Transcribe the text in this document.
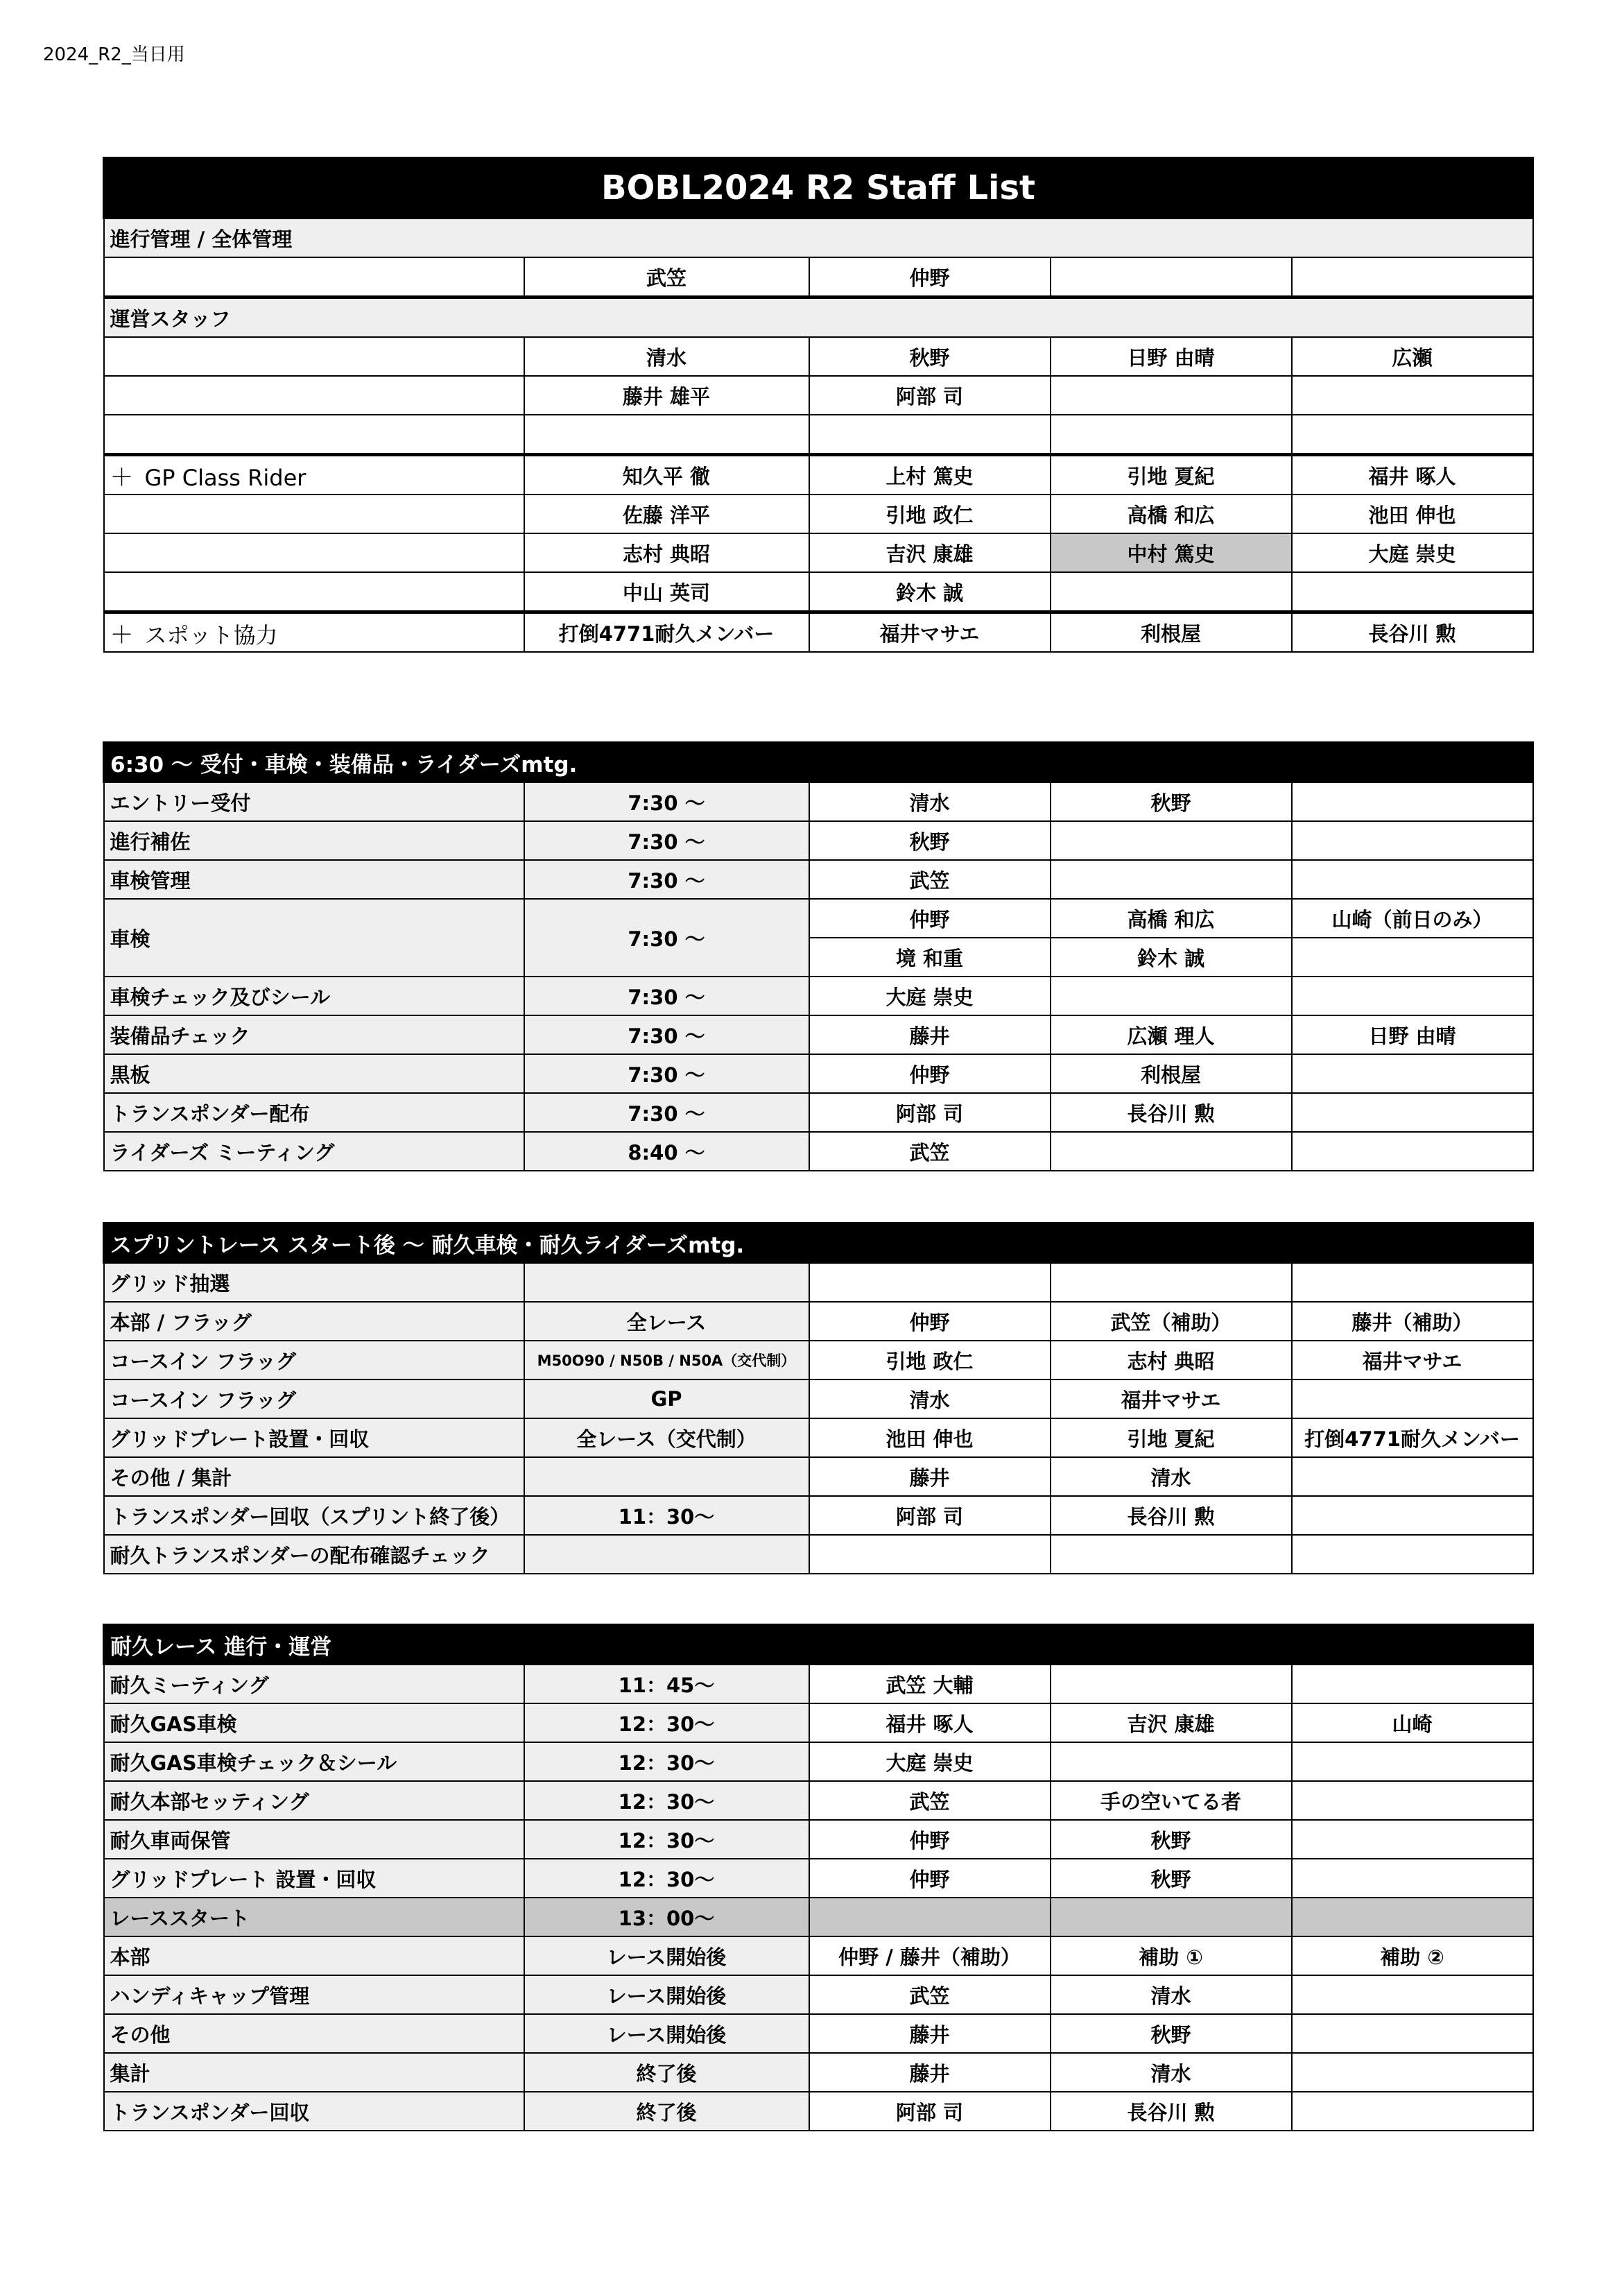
2024_R2_当日用
BOBL2024 R2 Staff List				
進行管理 / 全体管理				
	武笠	仲野		
運営スタッフ				
	清水	秋野	日野 由晴	広瀬
	藤井 雄平	阿部 司		

＋ GP Class Rider	知久平 徹	上村 篤史	引地 夏紀	福井 啄人
	佐藤 洋平	引地 政仁	高橋 和広	池田 伸也
	志村 典昭	吉沢 康雄	中村 篤史	大庭 崇史
	中山 英司	鈴木 誠		
＋ スポット協力	打倒4771耐久メンバー	福井マサエ	利根屋	長谷川 勲
6:30 〜 受付・車検・装備品・ライダーズmtg.				
エントリー受付	7:30 〜	清水	秋野	
進行補佐	7:30 〜	秋野		
車検管理	7:30 〜	武笠		
車検	7:30 〜	仲野	高橋 和広	山崎（前日のみ）
		境 和重	鈴木 誠	
車検チェック及びシール	7:30 〜	大庭 崇史		
装備品チェック	7:30 〜	藤井	広瀬 理人	日野 由晴
黒板	7:30 〜	仲野	利根屋	
トランスポンダー配布	7:30 〜	阿部 司	長谷川 勲	
ライダーズ ミーティング	8:40 〜	武笠		
スプリントレース スタート後 〜 耐久車検・耐久ライダーズmtg.				
グリッド抽選				
本部 / フラッグ	全レース	仲野	武笠（補助）	藤井（補助）
コースイン フラッグ	M50O90 / N50B / N50A（交代制）	引地 政仁	志村 典昭	福井マサエ
コースイン フラッグ	GP	清水	福井マサエ	
グリッドプレート設置・回収	全レース（交代制）	池田 伸也	引地 夏紀	打倒4771耐久メンバー
その他 / 集計		藤井	清水	
トランスポンダー回収（スプリント終了後）	11：30〜	阿部 司	長谷川 勲	
耐久トランスポンダーの配布確認チェック				
耐久レース 進行・運営				
耐久ミーティング	11：45〜	武笠 大輔		
耐久GAS車検	12：30〜	福井 啄人	吉沢 康雄	山崎
耐久GAS車検チェック＆シール	12：30〜	大庭 崇史		
耐久本部セッティング	12：30〜	武笠	手の空いてる者	
耐久車両保管	12：30〜	仲野	秋野	
グリッドプレート 設置・回収	12：30〜	仲野	秋野	
レーススタート	13：00〜			
本部	レース開始後	仲野 / 藤井（補助）	補助 ①	補助 ②
ハンディキャップ管理	レース開始後	武笠	清水	
その他	レース開始後	藤井	秋野	
集計	終了後	藤井	清水	
トランスポンダー回収	終了後	阿部 司	長谷川 勲	
